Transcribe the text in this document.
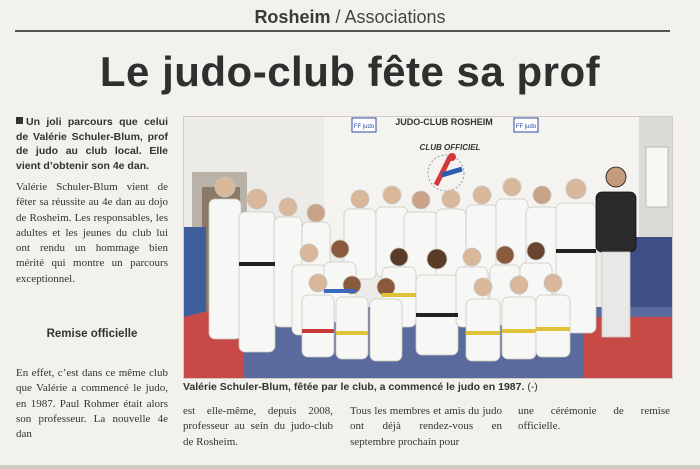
Rosheim / Associations
Le judo-club fête sa prof
Un joli parcours que celui de Valérie Schuler-Blum, prof de judo au club local. Elle vient d’obtenir son 4e dan.
Valérie Schuler-Blum vient de fêter sa réussite au 4e dan au dojo de Rosheim. Les responsables, les adultes et les jeunes du club lui ont rendu un hommage bien mérité qui montre un parcours exceptionnel.
Remise officielle
En effet, c’est dans ce même club que Valérie a commencé le judo, en 1987. Paul Rohmer était alors son professeur. La nouvelle 4e dan
JUDO-CLUB ROSHEIM
FF judo	FF judo
CLUB OFFICIEL
Valérie Schuler-Blum, fêtée par le club, a commencé le judo en 1987. (-)
est elle-même, depuis 2008, professeur au sein du judo-club de Rosheim.
Tous les membres et amis du judo ont déjà rendez-vous en septembre prochain pour
une cérémonie de remise officielle.
